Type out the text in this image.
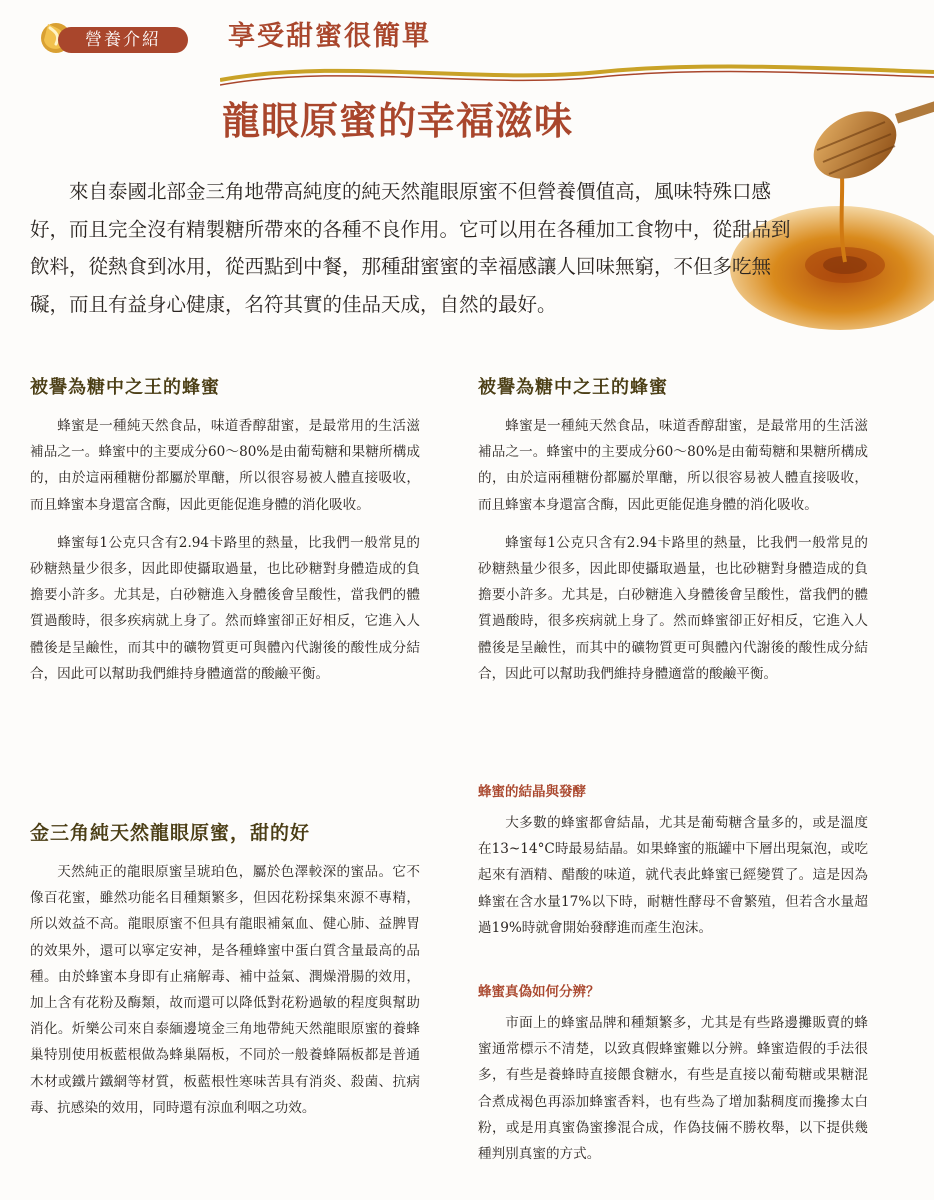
營養介紹	享受甜蜜很簡單
龍眼原蜜的幸福滋味

來自泰國北部金三角地帶高純度的純天然龍眼原蜜不但營養價值高，風味特殊口感好，而且完全沒有精製糖所帶來的各種不良作用。它可以用在各種加工食物中，從甜品到飲料，從熱食到冰用，從西點到中餐，那種甜蜜蜜的幸福感讓人回味無窮，不但多吃無礙，而且有益身心健康，名符其實的佳品天成，自然的最好。

被譽為糖中之王的蜂蜜

蜂蜜是一種純天然食品，味道香醇甜蜜，是最常用的生活滋補品之一。蜂蜜中的主要成分60～80%是由葡萄糖和果糖所構成的，由於這兩種糖份都屬於單醣，所以很容易被人體直接吸收，而且蜂蜜本身還富含酶，因此更能促進身體的消化吸收。

蜂蜜每1公克只含有2.94卡路里的熱量，比我們一般常見的砂糖熱量少很多，因此即使攝取過量，也比砂糖對身體造成的負擔要小許多。尤其是，白砂糖進入身體後會呈酸性，當我們的體質過酸時，很多疾病就上身了。然而蜂蜜卻正好相反，它進入人體後是呈鹼性，而其中的礦物質更可與體內代謝後的酸性成分結合，因此可以幫助我們維持身體適當的酸鹼平衡。

金三角純天然龍眼原蜜，甜的好

天然純正的龍眼原蜜呈琥珀色，屬於色澤較深的蜜品。它不像百花蜜，雖然功能名目種類繁多，但因花粉採集來源不專精，所以效益不高。龍眼原蜜不但具有龍眼補氣血、健心肺、益脾胃的效果外，還可以寧定安神，是各種蜂蜜中蛋白質含量最高的品種。由於蜂蜜本身即有止痛解毒、補中益氣、潤燥滑腸的效用，加上含有花粉及酶類，故而還可以降低對花粉過敏的程度與幫助消化。炘樂公司來自泰緬邊境金三角地帶純天然龍眼原蜜的養蜂巢特別使用板藍根做為蜂巢隔板，不同於一般養蜂隔板都是普通木材或鐵片鐵網等材質，板藍根性寒味苦具有消炎、殺菌、抗病毒、抗感染的效用，同時還有涼血利咽之功效。

被譽為糖中之王的蜂蜜

蜂蜜是一種純天然食品，味道香醇甜蜜，是最常用的生活滋補品之一。蜂蜜中的主要成分60～80%是由葡萄糖和果糖所構成的，由於這兩種糖份都屬於單醣，所以很容易被人體直接吸收，而且蜂蜜本身還富含酶，因此更能促進身體的消化吸收。

蜂蜜每1公克只含有2.94卡路里的熱量，比我們一般常見的砂糖熱量少很多，因此即使攝取過量，也比砂糖對身體造成的負擔要小許多。尤其是，白砂糖進入身體後會呈酸性，當我們的體質過酸時，很多疾病就上身了。然而蜂蜜卻正好相反，它進入人體後是呈鹼性，而其中的礦物質更可與體內代謝後的酸性成分結合，因此可以幫助我們維持身體適當的酸鹼平衡。

蜂蜜的結晶與發酵

大多數的蜂蜜都會結晶，尤其是葡萄糖含量多的，或是溫度在13~14°C時最易結晶。如果蜂蜜的瓶罐中下層出現氣泡，或吃起來有酒精、醋酸的味道，就代表此蜂蜜已經變質了。這是因為蜂蜜在含水量17%以下時，耐糖性酵母不會繁殖，但若含水量超過19%時就會開始發酵進而產生泡沫。

蜂蜜真偽如何分辨？

市面上的蜂蜜品牌和種類繁多，尤其是有些路邊攤販賣的蜂蜜通常標示不清楚，以致真假蜂蜜難以分辨。蜂蜜造假的手法很多，有些是養蜂時直接餵食糖水，有些是直接以葡萄糖或果糖混合煮成褐色再添加蜂蜜香料，也有些為了增加黏稠度而攙摻太白粉，或是用真蜜偽蜜摻混合成，作偽技倆不勝枚舉，以下提供幾種判別真蜜的方式。
